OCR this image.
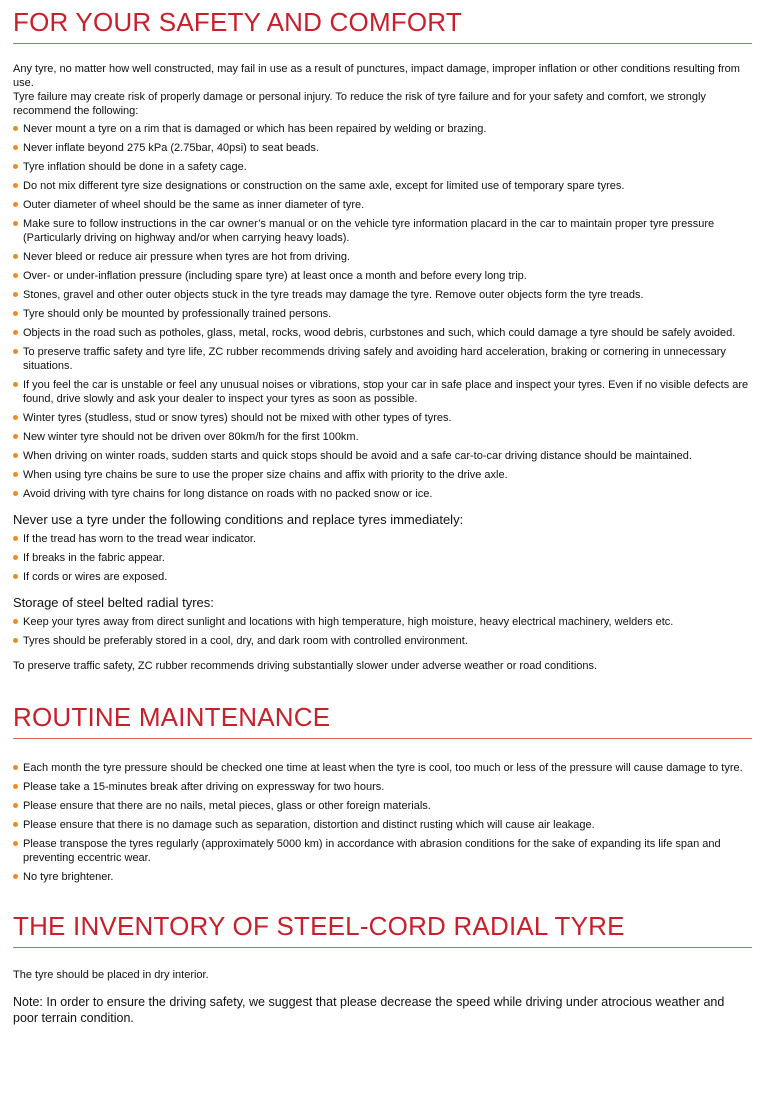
FOR YOUR SAFETY AND COMFORT

Any tyre, no matter how well constructed, may fail in use as a result of punctures, impact damage, improper inflation or other conditions resulting from use.
Tyre failure may create risk of properly damage or personal injury. To reduce the risk of tyre failure and for your safety and comfort, we strongly recommend the following:

Never mount a tyre on a rim that is damaged or which has been repaired by welding or brazing.
Never inflate beyond 275 kPa (2.75bar, 40psi) to seat beads.
Tyre inflation should be done in a safety cage.
Do not mix different tyre size designations or construction on the same axle, except for limited use of temporary spare tyres.
Outer diameter of wheel should be the same as inner diameter of tyre.
Make sure to follow instructions in the car owner’s manual or on the vehicle tyre information placard in the car to maintain proper tyre pressure (Particularly driving on highway and/or when carrying heavy loads).
Never bleed or reduce air pressure when tyres are hot from driving.
Over- or under-inflation pressure (including spare tyre) at least once a month and before every long trip.
Stones, gravel and other outer objects stuck in the tyre treads may damage the tyre. Remove outer objects form the tyre treads.
Tyre should only be mounted by professionally trained persons.
Objects in the road such as potholes, glass, metal, rocks, wood debris, curbstones and such, which could damage a tyre should be safely avoided.
To preserve traffic safety and tyre life, ZC rubber recommends driving safely and avoiding hard acceleration, braking or cornering in unnecessary situations.
If you feel the car is unstable or feel any unusual noises or vibrations, stop your car in safe place and inspect your tyres. Even if no visible defects are found, drive slowly and ask your dealer to inspect your tyres as soon as possible.
Winter tyres (studless, stud or snow tyres) should not be mixed with other types of tyres.
New winter tyre should not be driven over 80km/h for the first 100km.
When driving on winter roads, sudden starts and quick stops should be avoid and a safe car-to-car driving distance should be maintained.
When using tyre chains be sure to use the proper size chains and affix with priority to the drive axle.
Avoid driving with tyre chains for long distance on roads with no packed snow or ice.

Never use a tyre under the following conditions and replace tyres immediately:

If the tread has worn to the tread wear indicator.
If breaks in the fabric appear.
If cords or wires are exposed.

Storage of steel belted radial tyres:

Keep your tyres away from direct sunlight and locations with high temperature, high moisture, heavy electrical machinery, welders etc.
Tyres should be preferably stored in a cool, dry, and dark room with controlled environment.

To preserve traffic safety, ZC rubber recommends driving substantially slower under adverse weather or road conditions.

ROUTINE MAINTENANCE
Each month the tyre pressure should be checked one time at least when the tyre is cool, too much or less of the pressure will cause damage to tyre.
Please take a 15-minutes break after driving on expressway for two hours.
Please ensure that there are no nails, metal pieces, glass or other foreign materials.
Please ensure that there is no damage such as separation, distortion and distinct rusting which will cause air leakage.
Please transpose the tyres regularly (approximately 5000 km) in accordance with abrasion conditions for the sake of expanding its life span and preventing eccentric wear.
No tyre brightener.
THE INVENTORY OF STEEL-CORD RADIAL TYRE

The tyre should be placed in dry interior.

Note: In order to ensure the driving safety, we suggest that please decrease the speed while driving under atrocious weather and poor terrain condition.
